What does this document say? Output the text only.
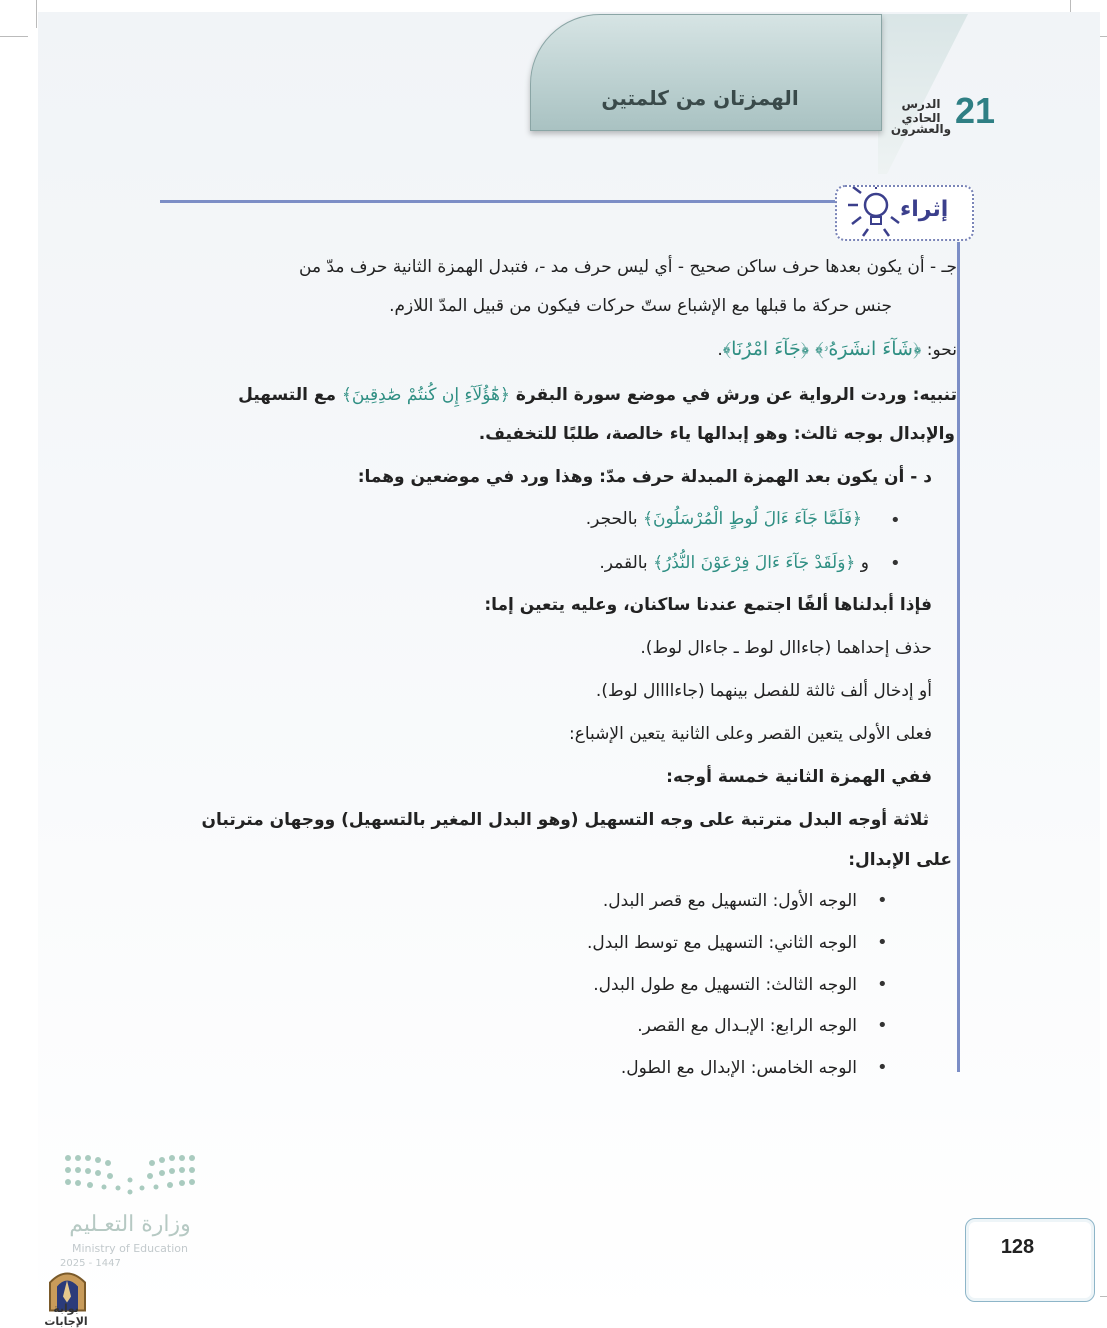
الهمزتان من كلمتين	21
الدرس الحادي
والعشرون
إثراء
جـ - أن يكون بعدها حرف ساكن صحيح - أي ليس حرف مد -، فتبدل الهمزة الثانية حرف مدّ من
جنس حركة ما قبلها مع الإشباع ستّ حركات فيكون من قبيل المدّ اللازم.
نحو: ﴿شَآءَ انشَرَهُۥ﴾ ﴿جَآءَ امْرُنَا﴾.
تنبيه: وردت الرواية عن ورش في موضع سورة البقرة ﴿هَٰٓؤُلَآءِ إِن كُنتُمْ صَٰدِقِينَ﴾ مع التسهيل
والإبدال بوجه ثالث: وهو إبدالها ياء خالصة، طلبًا للتخفيف.
د - أن يكون بعد الهمزة المبدلة حرف مدّ: وهذا ورد في موضعين وهما:
•
﴿فَلَمَّا جَآءَ ءَالَ لُوطٍ الْمُرْسَلُونَ﴾ بالحجر.
•
و ﴿وَلَقَدْ جَآءَ ءَالَ فِرْعَوْنَ النُّذُرُ﴾ بالقمر.
فإذا أبدلناها ألفًا اجتمع عندنا ساكنان، وعليه يتعين إما:
حذف إحداهما (جاءاال لوط ـ جاءال لوط).
أو إدخال ألف ثالثة للفصل بينهما (جاءاااال لوط).
فعلى الأولى يتعين القصر وعلى الثانية يتعين الإشباع:
ففي الهمزة الثانية خمسة أوجه:
ثلاثة أوجه البدل مترتبة على وجه التسهيل (وهو البدل المغير بالتسهيل) ووجهان مترتبان
على الإبدال:
•
الوجه الأول: التسهيل مع قصر البدل.
•
الوجه الثاني: التسهيل مع توسط البدل.
•
الوجه الثالث: التسهيل مع طول البدل.
•
الوجه الرابع: الإبـدال مع القصر.
•
الوجه الخامس: الإبدال مع الطول.
وزارة التعـليم
Ministry of Education
2025 - 1447
بوابة الإجابات
128
